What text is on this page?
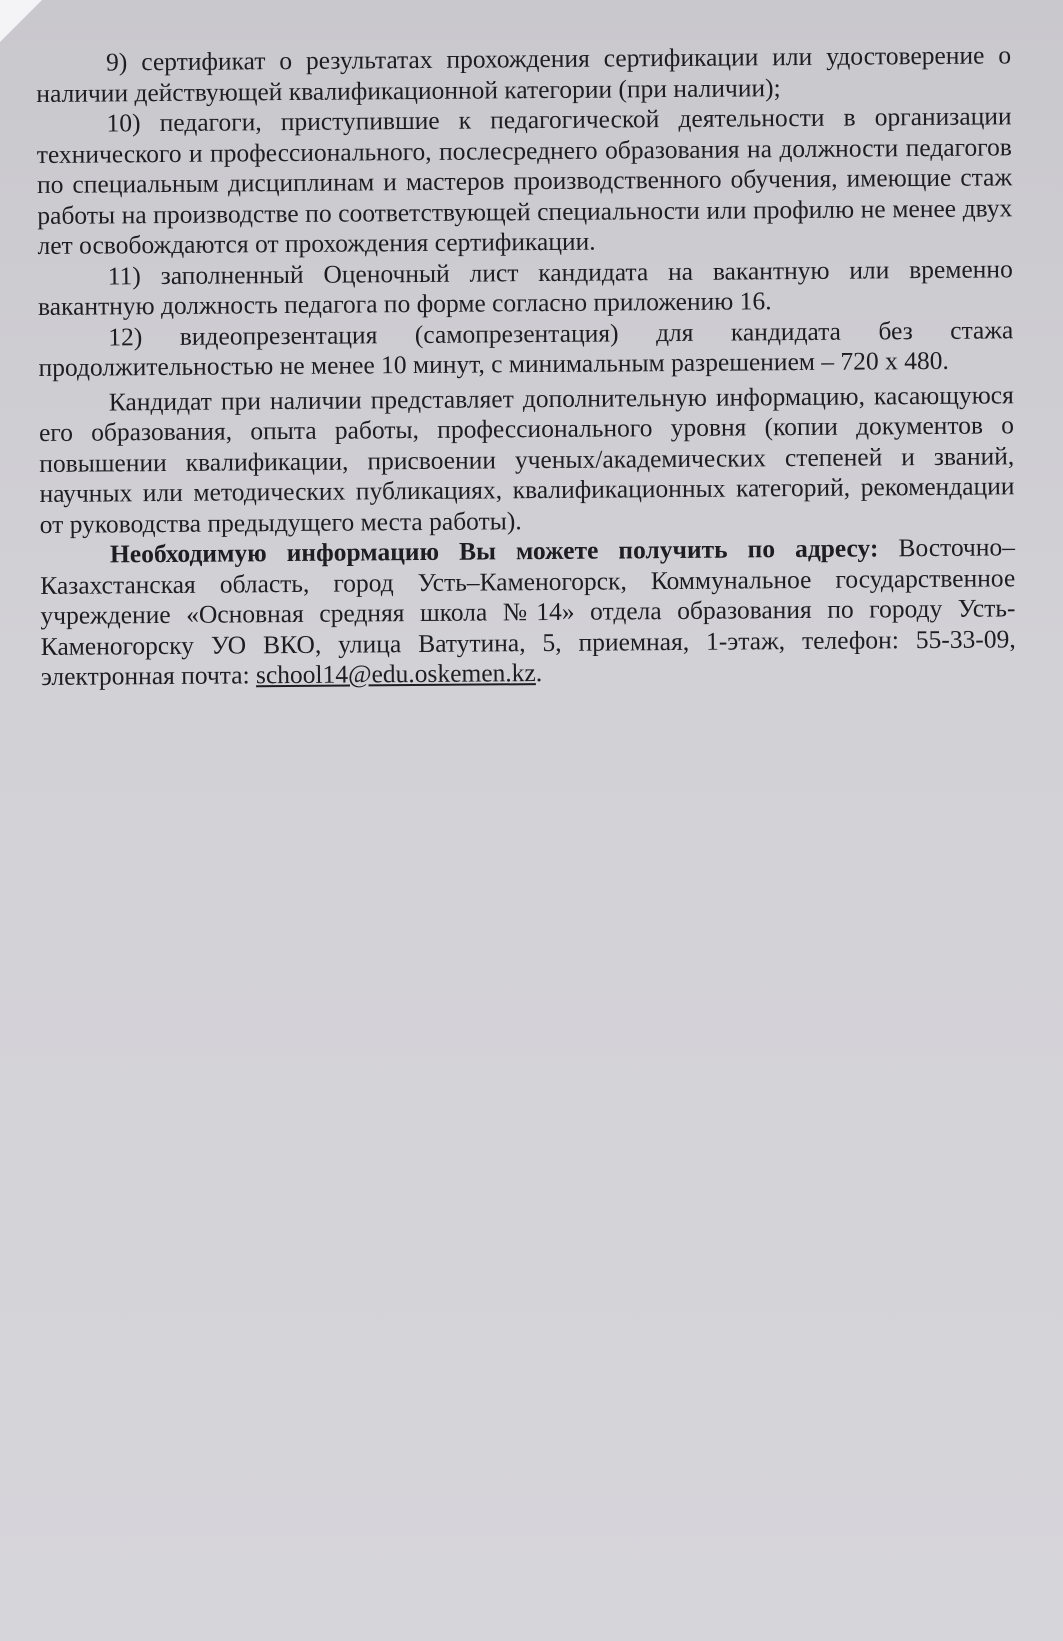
9) сертификат о результатах прохождения сертификации или удостоверение о наличии действующей квалификационной категории (при наличии);

10) педагоги, приступившие к педагогической деятельности в организации технического и профессионального, послесреднего образования на должности педагогов по специальным дисциплинам и мастеров производственного обучения, имеющие стаж работы на производстве по соответствующей специальности или профилю не менее двух лет освобождаются от прохождения сертификации.

11) заполненный Оценочный лист кандидата на вакантную или временно вакантную должность педагога по форме согласно приложению 16.

12) видеопрезентация (самопрезентация) для кандидата без стажа продолжительностью не менее 10 минут, с минимальным разрешением – 720 х 480.

Кандидат при наличии представляет дополнительную информацию, касающуюся его образования, опыта работы, профессионального уровня (копии документов о повышении квалификации, присвоении ученых/академических степеней и званий, научных или методических публикациях, квалификационных категорий, рекомендации от руководства предыдущего места работы).

Необходимую информацию Вы можете получить по адресу: Восточно–Казахстанская область, город Усть–Каменогорск, Коммунальное государственное учреждение «Основная средняя школа №14» отдела образования по городу Усть-Каменогорску УО ВКО, улица Ватутина, 5, приемная, 1-этаж, телефон: 55-33-09, электронная почта: school14@edu.oskemen.kz.
